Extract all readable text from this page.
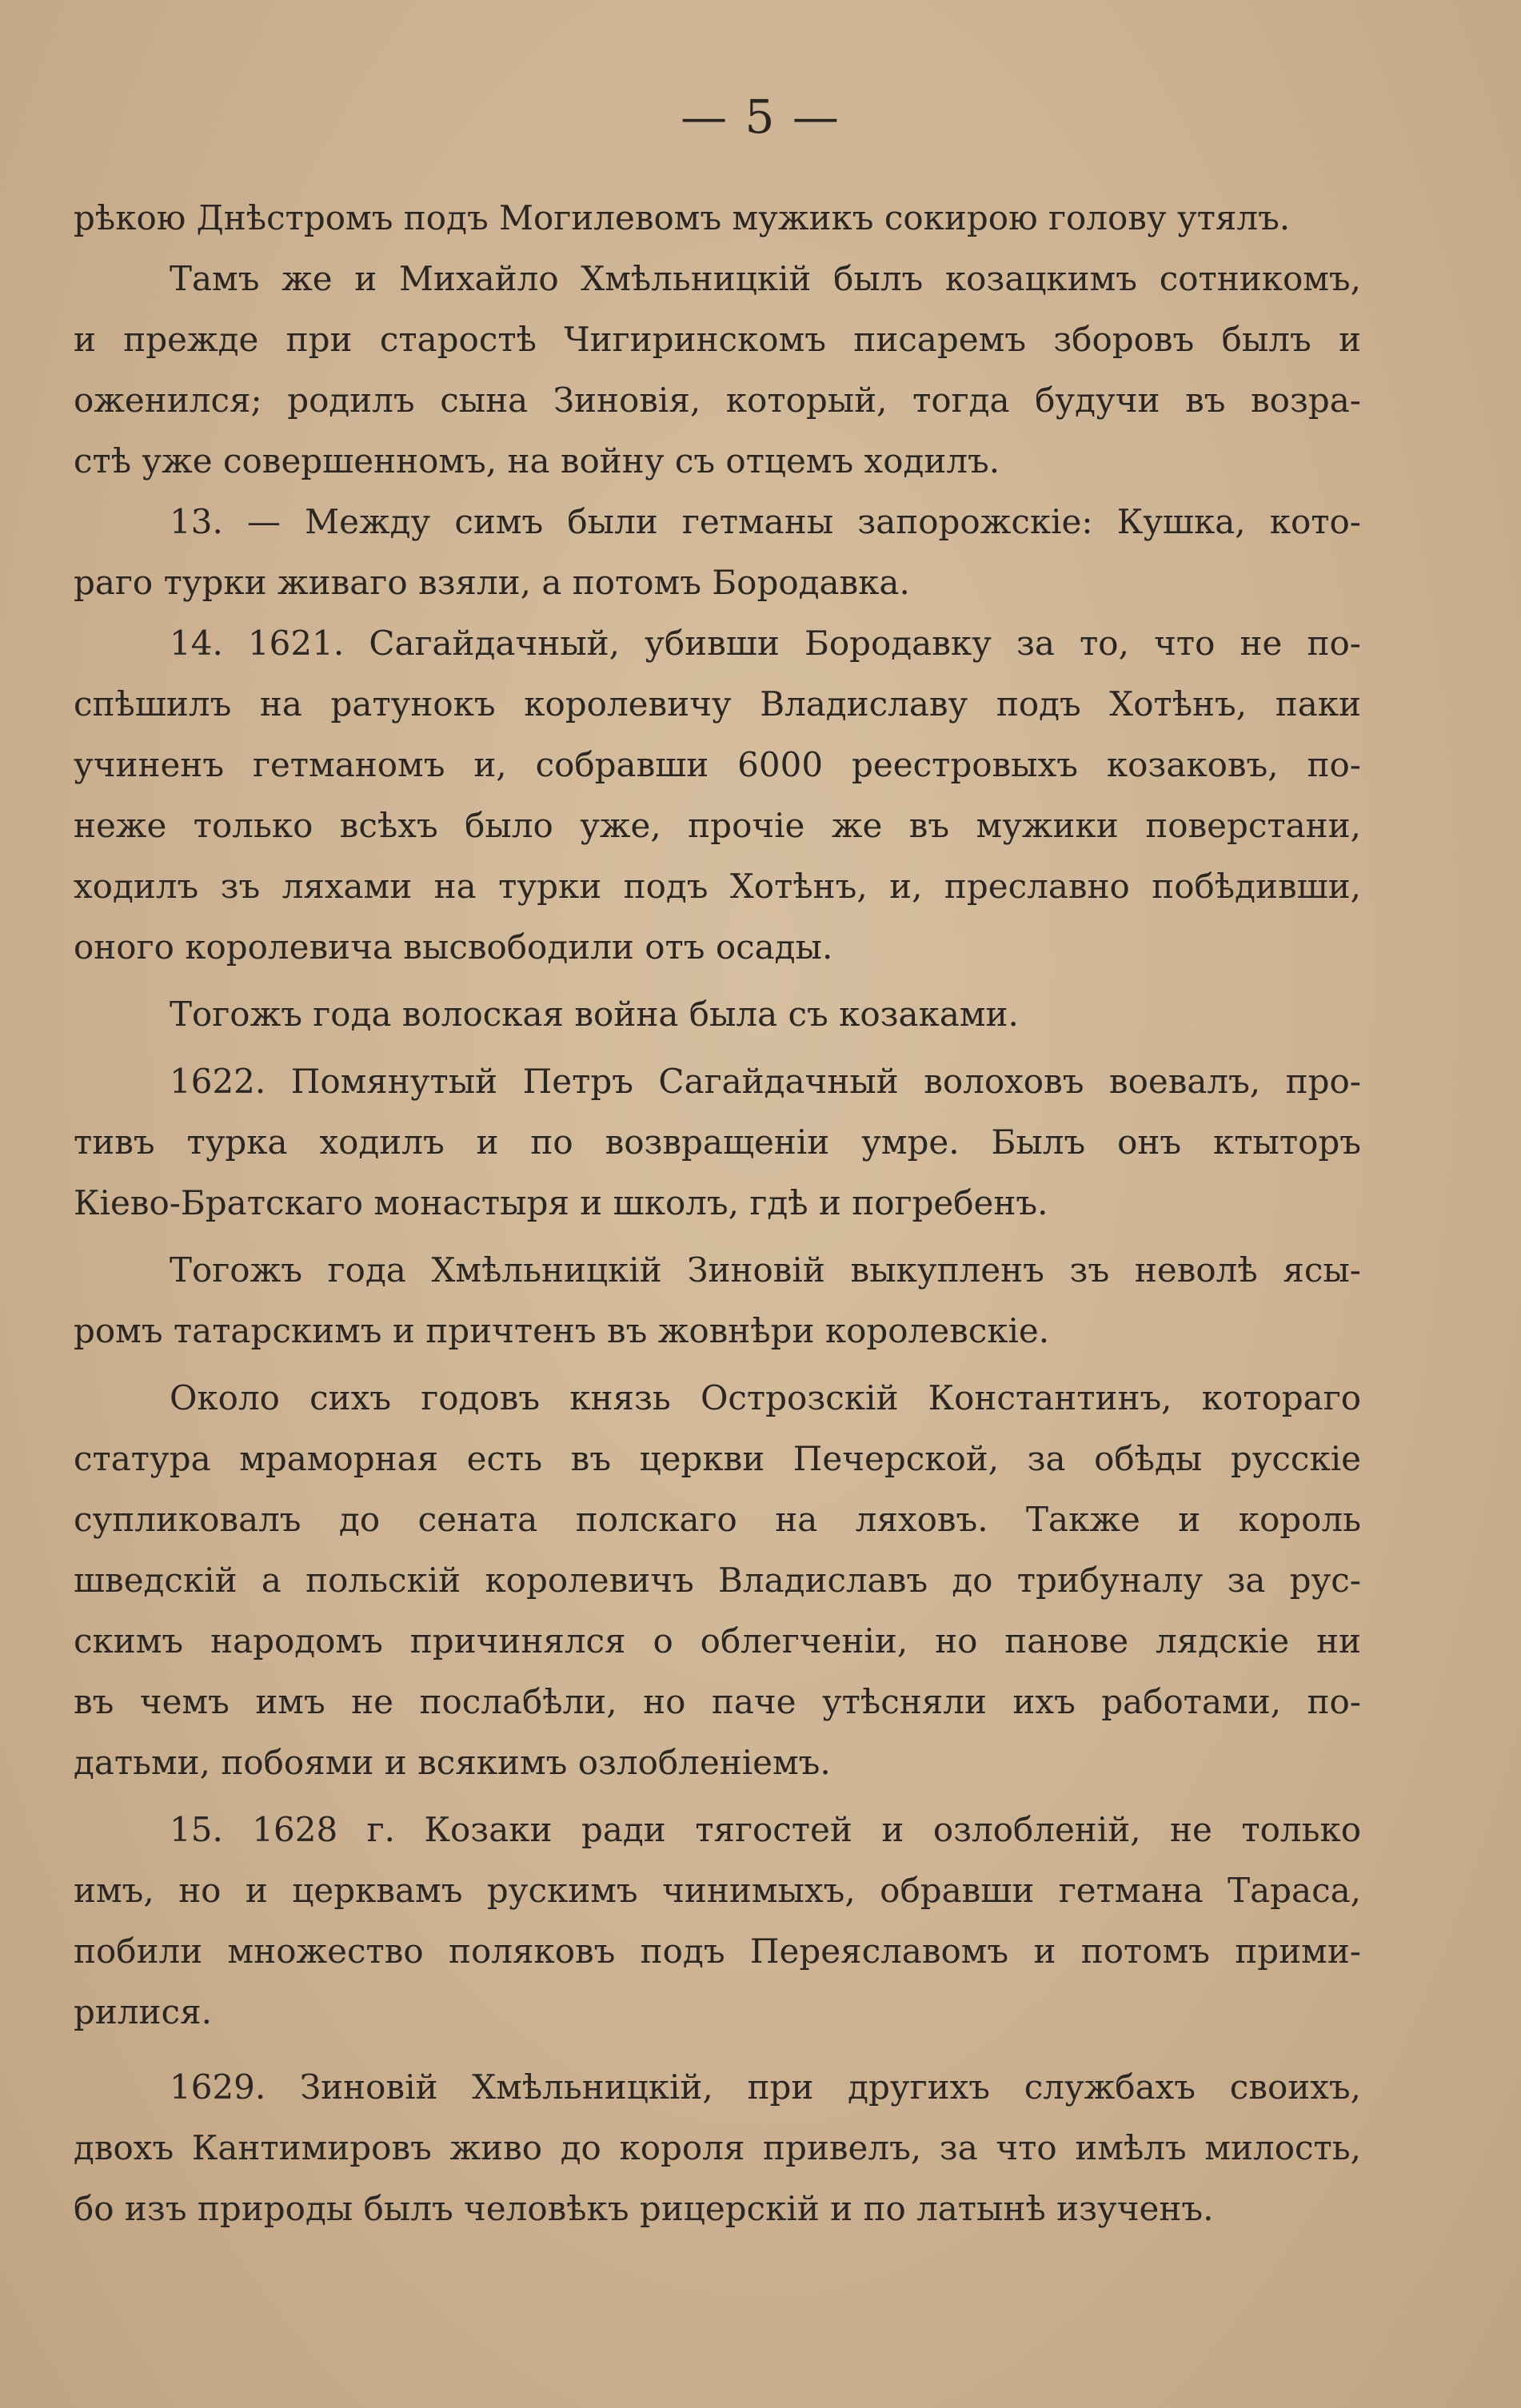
— 5 —
рѣкою Днѣстромъ подъ Могилевомъ мужикъ сокирою голову утялъ.
Тамъ же и Михайло Хмѣльницкій былъ козацкимъ сотникомъ,
и прежде при старостѣ Чигиринскомъ писаремъ зборовъ былъ и
оженился; родилъ сына Зиновія, который, тогда будучи въ возра-
стѣ уже совершенномъ, на войну съ отцемъ ходилъ.
13. — Между симъ были гетманы запорожскіе: Кушка, кото-
раго турки живаго взяли, а потомъ Бородавка.
14. 1621. Сагайдачный, убивши Бородавку за то, что не по-
спѣшилъ на ратунокъ королевичу Владиславу подъ Хотѣнъ, паки
учиненъ гетманомъ и, собравши 6000 реестровыхъ козаковъ, по-
неже только всѣхъ было уже, прочіе же въ мужики поверстани,
ходилъ зъ ляхами на турки подъ Хотѣнъ, и, преславно побѣдивши,
оного королевича высвободили отъ осады.
Тогожъ года волоская война была съ козаками.
1622. Помянутый Петръ Сагайдачный волоховъ воевалъ, про-
тивъ турка ходилъ и по возвращеніи умре. Былъ онъ ктыторъ
Кіево-Братскаго монастыря и школъ, гдѣ и погребенъ.
Тогожъ года Хмѣльницкій Зиновій выкупленъ зъ неволѣ ясы-
ромъ татарскимъ и причтенъ въ жовнѣри королевскіе.
Около сихъ годовъ князь Острозскій Константинъ, котораго
статура мраморная есть въ церкви Печерской, за обѣды русскіе
супликовалъ до сената полскаго на ляховъ. Также и король
шведскій а польскій королевичъ Владиславъ до трибуналу за рус-
скимъ народомъ причинялся о облегченіи, но панове лядскіе ни
въ чемъ имъ не послабѣли, но паче утѣсняли ихъ работами, по-
датьми, побоями и всякимъ озлобленіемъ.
15. 1628 г. Козаки ради тягостей и озлобленій, не только
имъ, но и церквамъ рускимъ чинимыхъ, обравши гетмана Тараса,
побили множество поляковъ подъ Переяславомъ и потомъ прими-
рилися.
1629. Зиновій Хмѣльницкій, при другихъ службахъ своихъ,
двохъ Кантимировъ живо до короля привелъ, за что имѣлъ милость,
бо изъ природы былъ человѣкъ рицерскій и по латынѣ изученъ.
